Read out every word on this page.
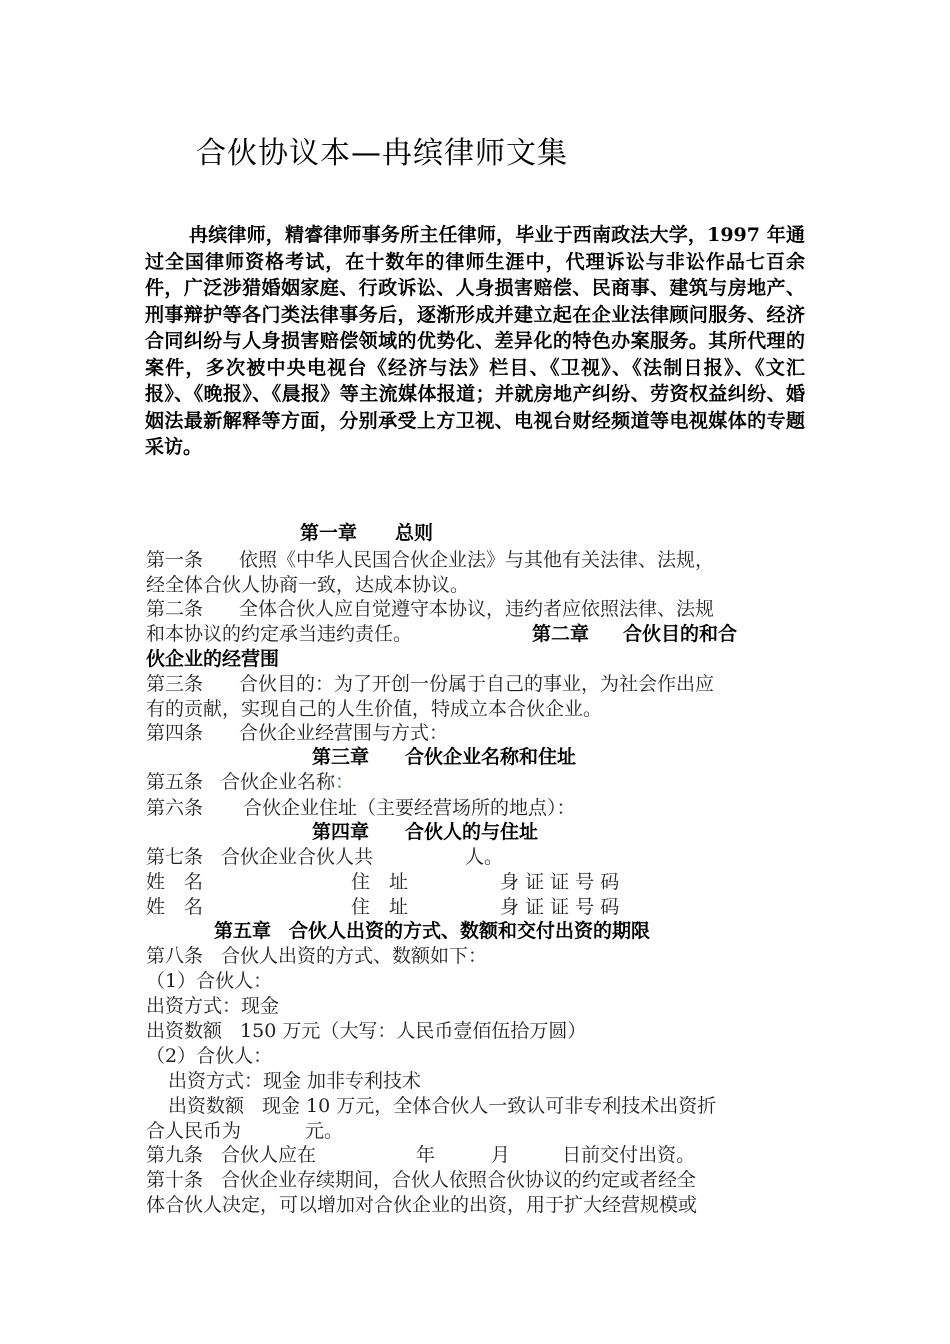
合伙协议本—冉缤律师文集
冉缤律师，精睿律师事务所主任律师，毕业于西南政法大学，1997 年通过全国律师资格考试，在十数年的律师生涯中，代理诉讼与非讼作品七百余件，广泛涉猎婚姻家庭、行政诉讼、人身损害赔偿、民商事、建筑与房地产、刑事辩护等各门类法律事务后，逐渐形成并建立起在企业法律顾问服务、经济合同纠纷与人身损害赔偿领域的优势化、差异化的特色办案服务。其所代理的案件，多次被中央电视台《经济与法》栏目、《卫视》、《法制日报》、《文汇报》、《晚报》、《晨报》等主流媒体报道；并就房地产纠纷、劳资权益纠纷、婚姻法最新解释等方面，分别承受上方卫视、电视台财经频道等电视媒体的专题采访。
第一章 总则
第一条 依照《中华人民国合伙企业法》与其他有关法律、法规，
经全体合伙人协商一致，达成本协议。
第二条 全体合伙人应自觉遵守本协议，违约者应依照法律、法规
和本协议的约定承当违约责任。	第二章 合伙目的和合
伙企业的经营围
第三条 合伙目的：为了开创一份属于自己的事业，为社会作出应
有的贡献，实现自己的人生价值，特成立本合伙企业。
第四条 合伙企业经营围与方式：
第三章 合伙企业名称和住址
第五条 合伙企业名称：
第六条 合伙企业住址（主要经营场所的地点）：
第四章 合伙人的与住址
第七条 合伙企业合伙人共	人。
姓　名	住　址	身 证 证 号 码
姓　名	住　址	身 证 证 号 码
第五章 合伙人出资的方式、数额和交付出资的期限
第八条 合伙人出资的方式、数额如下：
（1）合伙人：
出资方式：现金
出资数额 150 万元（大写：人民币壹佰伍拾万圆）
（2）合伙人：
出资方式：现金 加非专利技术
出资数额 现金 10 万元，全体合伙人一致认可非专利技术出资折
合人民币为	元。
第九条 合伙人应在	年	月	日前交付出资。
第十条 合伙企业存续期间，合伙人依照合伙协议的约定或者经全
体合伙人决定，可以增加对合伙企业的出资，用于扩大经营规模或
